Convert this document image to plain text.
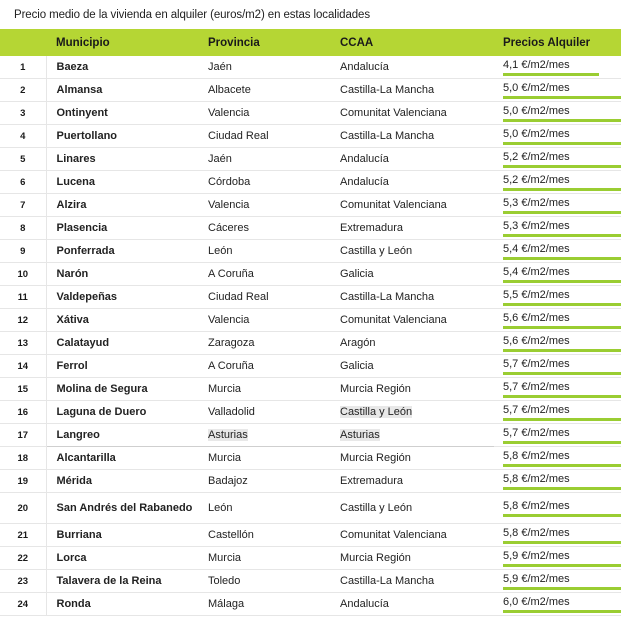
Precio medio de la vivienda en alquiler (euros/m2) en estas localidades
	Municipio	Provincia	CCAA	Precios Alquiler
1	Baeza	Jaén	Andalucía	4,1 €/m2/mes

2	Almansa	Albacete	Castilla-La Mancha	5,0 €/m2/mes

3	Ontinyent	Valencia	Comunitat Valenciana	5,0 €/m2/mes

4	Puertollano	Ciudad Real	Castilla-La Mancha	5,0 €/m2/mes

5	Linares	Jaén	Andalucía	5,2 €/m2/mes

6	Lucena	Córdoba	Andalucía	5,2 €/m2/mes

7	Alzira	Valencia	Comunitat Valenciana	5,3 €/m2/mes

8	Plasencia	Cáceres	Extremadura	5,3 €/m2/mes

9	Ponferrada	León	Castilla y León	5,4 €/m2/mes

10	Narón	A Coruña	Galicia	5,4 €/m2/mes

11	Valdepeñas	Ciudad Real	Castilla-La Mancha	5,5 €/m2/mes

12	Xátiva	Valencia	Comunitat Valenciana	5,6 €/m2/mes

13	Calatayud	Zaragoza	Aragón	5,6 €/m2/mes

14	Ferrol	A Coruña	Galicia	5,7 €/m2/mes

15	Molina de Segura	Murcia	Murcia Región	5,7 €/m2/mes

16	Laguna de Duero	Valladolid	Castilla y León	5,7 €/m2/mes

17	Langreo	Asturias	Asturias	5,7 €/m2/mes

18	Alcantarilla	Murcia	Murcia Región	5,8 €/m2/mes

19	Mérida	Badajoz	Extremadura	5,8 €/m2/mes

20	San Andrés del Rabanedo	León	Castilla y León	5,8 €/m2/mes

21	Burriana	Castellón	Comunitat Valenciana	5,8 €/m2/mes

22	Lorca	Murcia	Murcia Región	5,9 €/m2/mes

23	Talavera de la Reina	Toledo	Castilla-La Mancha	5,9 €/m2/mes

24	Ronda	Málaga	Andalucía	6,0 €/m2/mes
